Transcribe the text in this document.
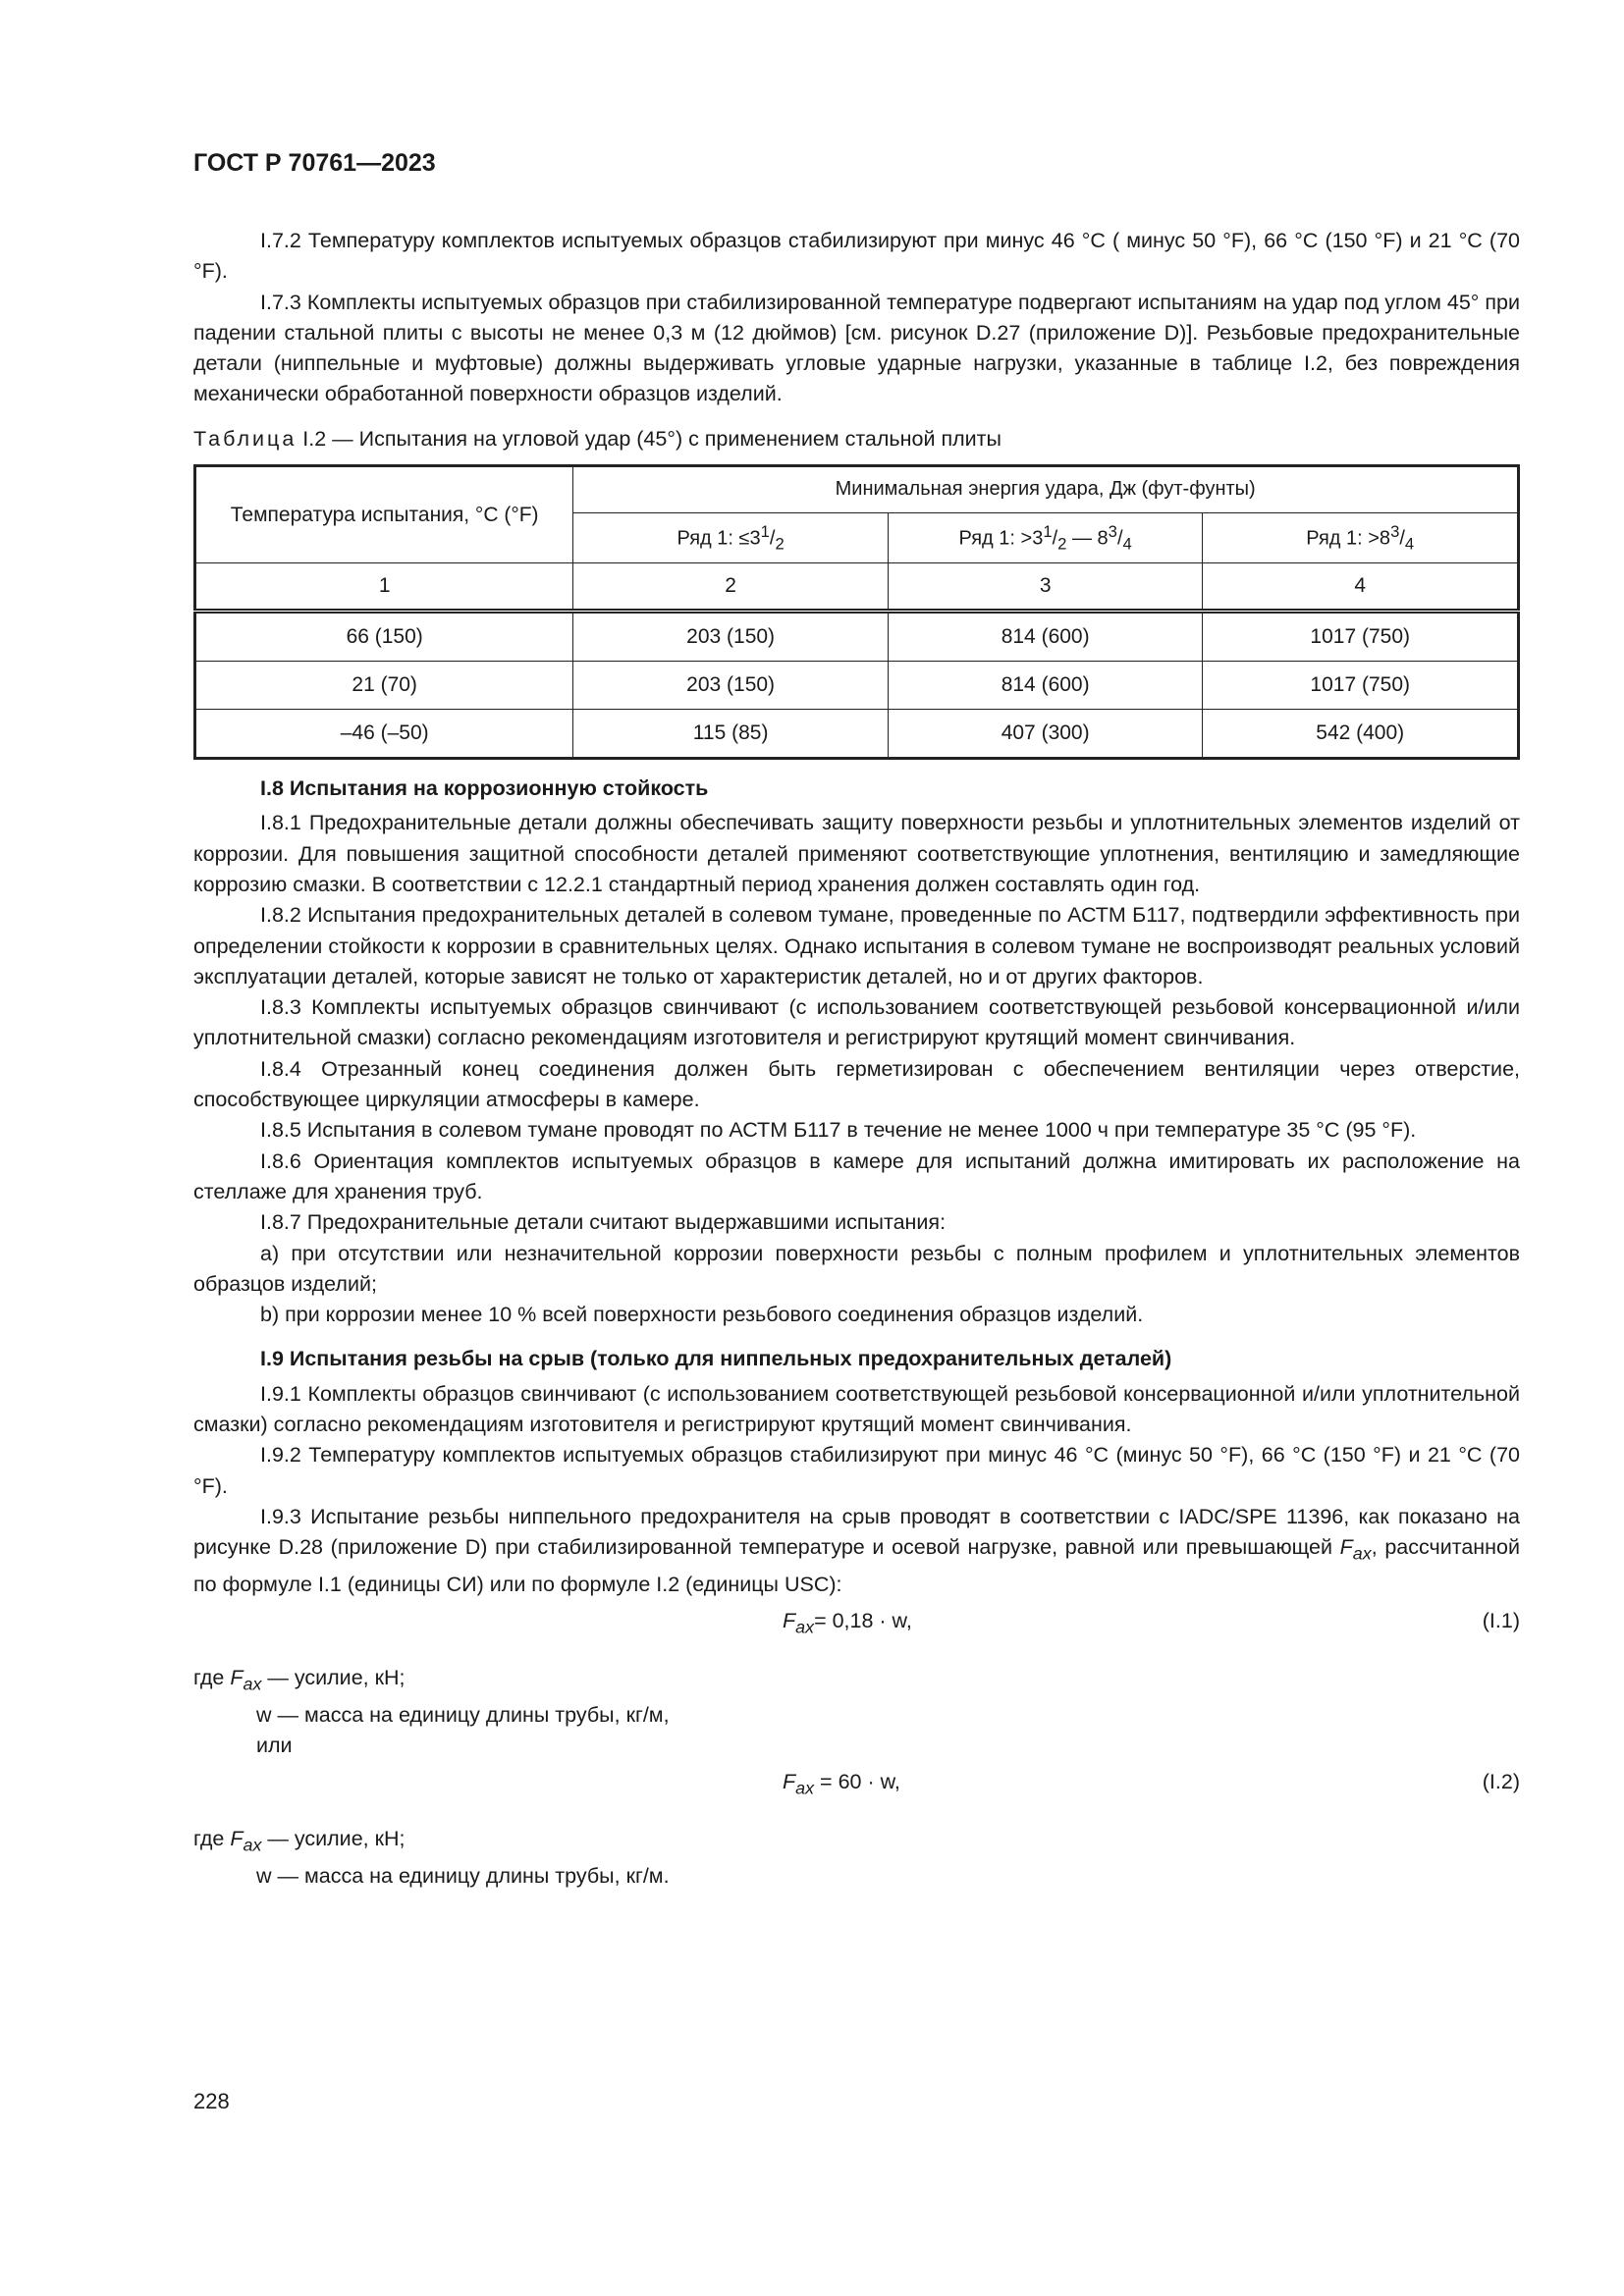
ГОСТ Р 70761—2023

I.7.2 Температуру комплектов испытуемых образцов стабилизируют при минус 46 °С ( минус 50 °F), 66 °С (150 °F) и 21 °С (70 °F).

I.7.3 Комплекты испытуемых образцов при стабилизированной температуре подвергают испытаниям на удар под углом 45° при падении стальной плиты с высоты не менее 0,3 м (12 дюймов) [см. рисунок D.27 (приложение D)]. Резьбовые предохранительные детали (ниппельные и муфтовые) должны выдерживать угловые ударные нагрузки, указанные в таблице I.2, без повреждения механически обработанной поверхности образцов изделий.

Таблица I.2 — Испытания на угловой удар (45°) с применением стальной плиты

Температура испытания, °С (°F)	Минимальная энергия удара, Дж (фут-фунты)		
	Ряд 1: $\le 3^1/_2$	Ряд 1: $>3^1/_2$ — $8^3/_4$	Ряд 1: $>8^3/_4$
1	2	3	4
66 (150)	203 (150)	814 (600)	1017 (750)
21 (70)	203 (150)	814 (600)	1017 (750)
–46 (–50)	115 (85)	407 (300)	542 (400)

I.8 Испытания на коррозионную стойкость

I.8.1 Предохранительные детали должны обеспечивать защиту поверхности резьбы и уплотнительных элементов изделий от коррозии. Для повышения защитной способности деталей применяют соответствующие уплотнения, вентиляцию и замедляющие коррозию смазки. В соответствии с 12.2.1 стандартный период хранения должен составлять один год.

I.8.2 Испытания предохранительных деталей в солевом тумане, проведенные по АСТМ Б117, подтвердили эффективность при определении стойкости к коррозии в сравнительных целях. Однако испытания в солевом тумане не воспроизводят реальных условий эксплуатации деталей, которые зависят не только от характеристик деталей, но и от других факторов.

I.8.3 Комплекты испытуемых образцов свинчивают (с использованием соответствующей резьбовой консервационной и/или уплотнительной смазки) согласно рекомендациям изготовителя и регистрируют крутящий момент свинчивания.

I.8.4 Отрезанный конец соединения должен быть герметизирован с обеспечением вентиляции через отверстие, способствующее циркуляции атмосферы в камере.

I.8.5 Испытания в солевом тумане проводят по АСТМ Б117 в течение не менее 1000 ч при температуре 35 °С (95 °F).

I.8.6 Ориентация комплектов испытуемых образцов в камере для испытаний должна имитировать их расположение на стеллаже для хранения труб.

I.8.7 Предохранительные детали считают выдержавшими испытания:

а) при отсутствии или незначительной коррозии поверхности резьбы с полным профилем и уплотнительных элементов образцов изделий;

b) при коррозии менее 10 % всей поверхности резьбового соединения образцов изделий.

I.9 Испытания резьбы на срыв (только для ниппельных предохранительных деталей)

I.9.1 Комплекты образцов свинчивают (с использованием соответствующей резьбовой консервационной и/или уплотнительной смазки) согласно рекомендациям изготовителя и регистрируют крутящий момент свинчивания.

I.9.2 Температуру комплектов испытуемых образцов стабилизируют при минус 46 °С (минус 50 °F), 66 °С (150 °F) и 21 °С (70 °F).

I.9.3 Испытание резьбы ниппельного предохранителя на срыв проводят в соответствии с IADC/SPE 11396, как показано на рисунке D.28 (приложение D) при стабилизированной температуре и осевой нагрузке, равной или превышающей $F_{ax}$, рассчитанной по формуле I.1 (единицы СИ) или по формуле I.2 (единицы USC):

$F_{ax}= 0,18 \cdot w$,	(I.1)

где $F_{ax}$ — усилие, кН;

w — масса на единицу длины трубы, кг/м,

или

$F_{ax} = 60 \cdot w$,	(I.2)

где $F_{ax}$ — усилие, кН;

w — масса на единицу длины трубы, кг/м.

228
